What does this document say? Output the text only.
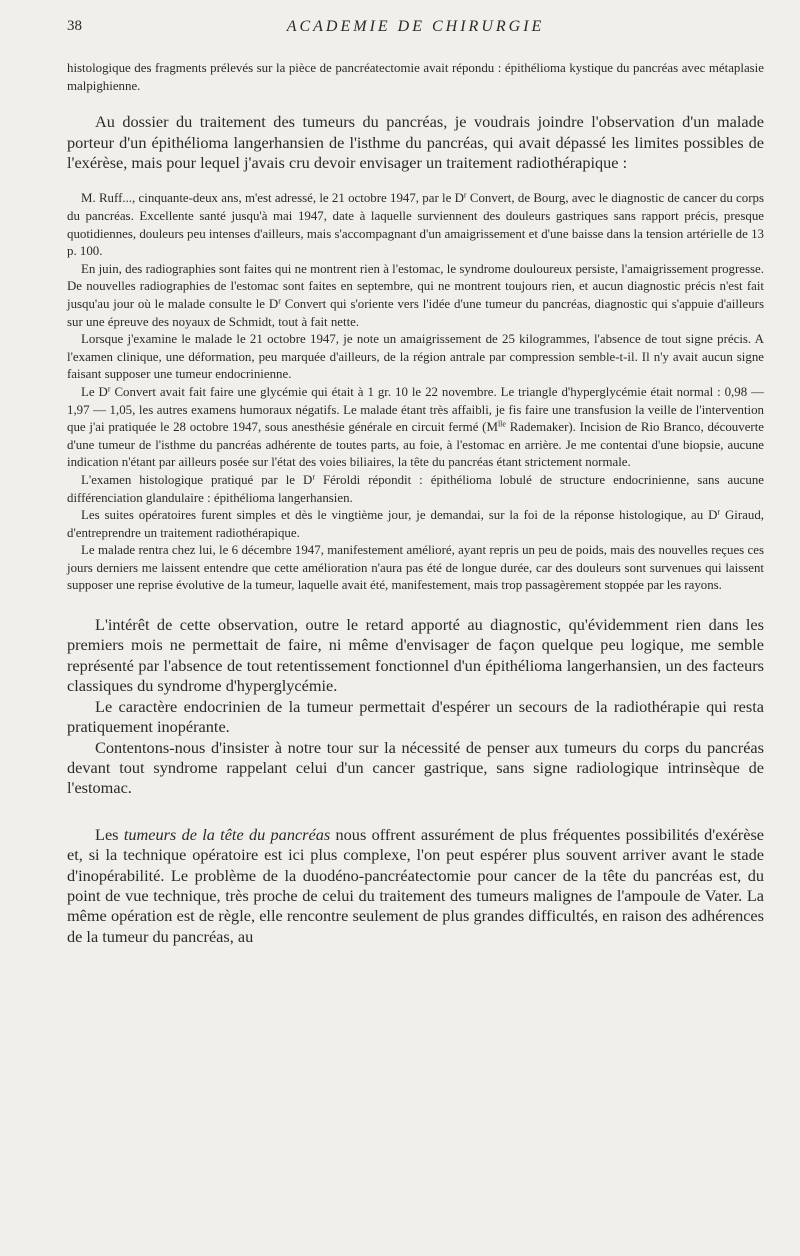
38	ACADEMIE DE CHIRURGIE

histologique des fragments prélevés sur la pièce de pancréatectomie avait répondu : épithélioma kystique du pancréas avec métaplasie malpighienne.

Au dossier du traitement des tumeurs du pancréas, je voudrais joindre l'observation d'un malade porteur d'un épithélioma langerhansien de l'isthme du pancréas, qui avait dépassé les limites possibles de l'exérèse, mais pour lequel j'avais cru devoir envisager un traitement radiothérapique :

M. Ruff..., cinquante-deux ans, m'est adressé, le 21 octobre 1947, par le $D^r$ Convert, de Bourg, avec le diagnostic de cancer du corps du pancréas. Excellente santé jusqu'à mai 1947, date à laquelle surviennent des douleurs gastriques sans rapport précis, presque quotidiennes, douleurs peu intenses d'ailleurs, mais s'accompagnant d'un amaigrissement et d'une baisse dans la tension artérielle de 13 p. 100.

En juin, des radiographies sont faites qui ne montrent rien à l'estomac, le syndrome douloureux persiste, l'amaigrissement progresse. De nouvelles radiographies de l'estomac sont faites en septembre, qui ne montrent toujours rien, et aucun diagnostic précis n'est fait jusqu'au jour où le malade consulte le $D^r$ Convert qui s'oriente vers l'idée d'une tumeur du pancréas, diagnostic qui s'appuie d'ailleurs sur une épreuve des noyaux de Schmidt, tout à fait nette.

Lorsque j'examine le malade le 21 octobre 1947, je note un amaigrissement de 25 kilogrammes, l'absence de tout signe précis. A l'examen clinique, une déformation, peu marquée d'ailleurs, de la région antrale par compression semble-t-il. Il n'y avait aucun signe faisant supposer une tumeur endocrinienne.

Le $D^r$ Convert avait fait faire une glycémie qui était à 1 gr. 10 le 22 novembre. Le triangle d'hyperglycémie était normal : 0,98 — 1,97 — 1,05, les autres examens humoraux négatifs. Le malade étant très affaibli, je fis faire une transfusion la veille de l'intervention que j'ai pratiquée le 28 octobre 1947, sous anesthésie générale en circuit fermé ($M^{lle}$ Rademaker). Incision de Rio Branco, découverte d'une tumeur de l'isthme du pancréas adhérente de toutes parts, au foie, à l'estomac en arrière. Je me contentai d'une biopsie, aucune indication n'étant par ailleurs posée sur l'état des voies biliaires, la tête du pancréas étant strictement normale.

L'examen histologique pratiqué par le $D^r$ Féroldi répondit : épithélioma lobulé de structure endocrinienne, sans aucune différenciation glandulaire : épithélioma langerhansien.

Les suites opératoires furent simples et dès le vingtième jour, je demandai, sur la foi de la réponse histologique, au $D^r$ Giraud, d'entreprendre un traitement radiothérapique.

Le malade rentra chez lui, le 6 décembre 1947, manifestement amélioré, ayant repris un peu de poids, mais des nouvelles reçues ces jours derniers me laissent entendre que cette amélioration n'aura pas été de longue durée, car des douleurs sont survenues qui laissent supposer une reprise évolutive de la tumeur, laquelle avait été, manifestement, mais trop passagèrement stoppée par les rayons.

L'intérêt de cette observation, outre le retard apporté au diagnostic, qu'évidemment rien dans les premiers mois ne permettait de faire, ni même d'envisager de façon quelque peu logique, me semble représenté par l'absence de tout retentissement fonctionnel d'un épithélioma langerhansien, un des facteurs classiques du syndrome d'hyperglycémie.

Le caractère endocrinien de la tumeur permettait d'espérer un secours de la radiothérapie qui resta pratiquement inopérante.

Contentons-nous d'insister à notre tour sur la nécessité de penser aux tumeurs du corps du pancréas devant tout syndrome rappelant celui d'un cancer gastrique, sans signe radiologique intrinsèque de l'estomac.

Les tumeurs de la tête du pancréas nous offrent assurément de plus fréquentes possibilités d'exérèse et, si la technique opératoire est ici plus complexe, l'on peut espérer plus souvent arriver avant le stade d'inopérabilité. Le problème de la duodéno-pancréatectomie pour cancer de la tête du pancréas est, du point de vue technique, très proche de celui du traitement des tumeurs malignes de l'ampoule de Vater. La même opération est de règle, elle rencontre seulement de plus grandes difficultés, en raison des adhérences de la tumeur du pancréas, au
